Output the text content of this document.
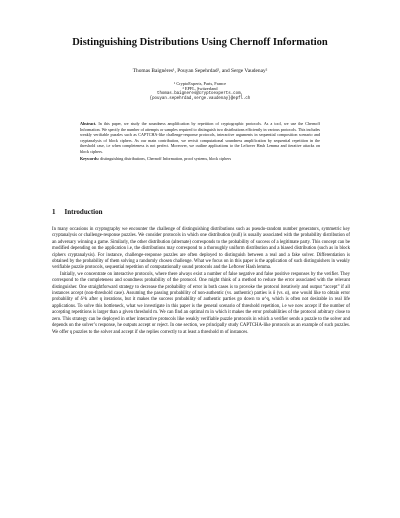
Distinguishing Distributions Using Chernoff Information
Thomas Baignères¹, Pouyan Sepehrdad², and Serge Vaudenay²
¹ CryptoExperts, Paris, France
² EPFL, Switzerland
thomas.baigneres@cryptoexperts.com,
{pouyan.sepehrdad,serge.vaudenay}@epfl.ch

Abstract. In this paper, we study the soundness amplification by repetition of cryptographic protocols. As a tool, we use the Chernoff Information. We specify the number of attempts or samples required to distinguish two distributions efficiently in various protocols. This includes weakly verifiable puzzles such as CAPTCHA-like challenge-response protocols, interactive arguments in sequential composition scenario and cryptanalysis of block ciphers. As our main contribution, we revisit computational soundness amplification by sequential repetition in the threshold case, i.e when completeness is not perfect. Moreover, we outline applications to the Leftover Hash Lemma and iterative attacks on block ciphers.

Keywords: distinguishing distributions, Chernoff Information, proof systems, block ciphers

1 Introduction

In many occasions in cryptography we encounter the challenge of distinguishing distributions such as pseudo-random number generators, symmetric key cryptanalysis or challenge-response puzzles. We consider protocols in which one distribution (null) is usually associated with the probability distribution of an adversary winning a game. Similarly, the other distribution (alternate) corresponds to the probability of success of a legitimate party. This concept can be modified depending on the application i.e, the distributions may correspond to a thoroughly uniform distribution and a biased distribution (such as in block ciphers cryptanalysis). For instance, challenge-response puzzles are often deployed to distinguish between a real and a fake solver. Differentiation is obtained by the probability of them solving a randomly chosen challenge. What we focus on in this paper is the application of such distinguishers in weakly verifiable puzzle protocols, sequential repetition of computationally sound protocols and the Leftover Hash lemma.

Initially, we concentrate on interactive protocols, where there always exist a number of false negative and false positive responses by the verifier. They correspond to the completeness and soundness probability of the protocol. One might think of a method to reduce the error associated with the relevant distinguisher. One straightforward strategy to decrease the probability of error in both cases is to provoke the protocol iteratively and output “accept” if all instances accept (non-threshold case). Assuming the passing probability of non-authentic (vs. authentic) parties is δ (vs. α), one would like to obtain error probability of δ^k after q iterations, but it makes the success probability of authentic parties go down to α^q, which is often not desirable in real life applications. To solve this bottleneck, what we investigate in this paper is the general scenario of threshold repetition, i.e we now accept if the number of accepting repetitions is larger than a given threshold m. We can find an optimal m in which it makes the error probabilities of the protocol arbitrary close to zero. This strategy can be deployed in other interactive protocols like weakly verifiable puzzle protocols in which a verifier sends a puzzle to the solver and depends on the solver’s response, he outputs accept or reject. In one section, we principally study CAPTCHA-like protocols as an example of such puzzles. We offer q puzzles to the solver and accept if she replies correctly to at least a threshold m of instances.
